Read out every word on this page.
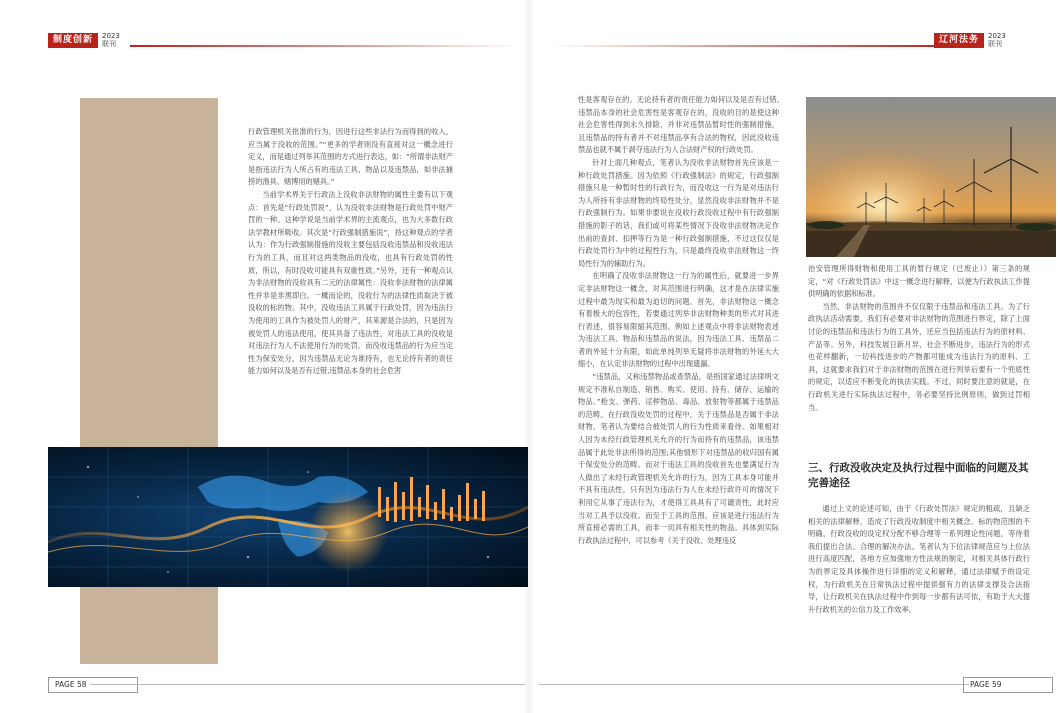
制度创新	2023
联刊

行政管理机关批准的行为，因进行这些非法行为而得到的收入，应当属于没收的范围。”“更多的学者则没有直接对这一概念进行定义，而是通过列举其范围的方式进行表达，如：“所谓非法财产是指违法行为人所占有的违法工具、物品以及违禁品，如非法捕捞的渔具、赌博用的赌具。”

当前学术界关于行政法上没收非法财物的属性主要有以下观点：首先是“行政处罚说”，认为没收非法财物是行政处罚中财产罚的一种。这种学说是当前学术界的主流观点，也为大多数行政法学教材所吸收。其次是“行政强制措施说”，持这种观点的学者认为：作为行政强制措施的没收主要包括没收违禁品和没收违法行为的工具，而且对这两类物品的没收，也具有行政处罚的性质，所以，有时没收可能具有双重性质。”另外，还有一种观点认为非法财物的没收具有二元的法律属性：没收非法财物的法律属性并非是非黑即白。一概而论的，没收行为的法律性质取决于被没收的标的物。其中，没收违法工具属于行政处罚，因为违法行为使用的工具作为被处罚人的财产，其来源是合法的，只是因为被处罚人的违法使用，使其具备了违法性，对违法工具的没收是对违法行为人不法使用行为的处罚。而没收违禁品的行为应当定性为保安处分，因为违禁品无论为谁持有，也无论持有者的责任能力如何以及是否有过错,违禁品本身的社会危害

PAGE 58

性是客观存在的。无论持有者的责任能力如何以及是否有过错,违禁品本身的社会危害性是客观存在的，没收的目的是使这种社会危害性得到永久排除，并非对违禁品暂时性的强制措施，且违禁品的持有者并不对违禁品享有合法的物权，因此没收违禁品也就不属于剥夺违法行为人合法财产权的行政处罚。

针对上面几种观点，笔者认为没收非法财物首先应该是一种行政处罚措施。因为依照《行政强制法》的规定，行政强制措施只是一种暂时性的行政行为，而没收这一行为是对违法行为人所持有非法财物的终局性处分，显然没收非法财物并不是行政强制行为。如果非要说在没收行政没收过程中有行政强制措施的影子的话，我们或可将某些情况下没收非法财物决定作出前的查封、扣押等行为是一种行政强制措施，不过这仅仅是行政处罚行为中的过程性行为，只是最终没收非法财物这一终局性行为的辅助行为。

在明确了没收非法财物这一行为的属性后，就要进一步界定非法财物这一概念，对其范围进行明确，这才是在法律实施过程中最为现实和最为迫切的问题。首先，非法财物这一概念有着极大的包容性，若要通过列举非法财物种类的形式对其进行表述，很容易限缩其范围。例如上述观点中将非法财物表述为违法工具、物品和违禁品的说法，因为违法工具、违禁品二者的外延十分有限，如此单纯列举无疑将非法财物的外延大大缩小，在认定非法财物的过程中出现遗漏。

“违禁品，又称违禁物品或查禁品，是指国家通过法律明文规定不准私自制造、销售、购买、使用、持有、储存、运输的物品。”枪支、弹药、淫秽物品、毒品、放射物等都属于违禁品的范畴。在行政没收处罚的过程中，关于违禁品是否属于非法财物，笔者认为要结合被处罚人的行为性质来看待。如果相对人因为未经行政管理机关允许的行为而持有的违禁品，该违禁品属于此处非法所得的范围;其他情形下对违禁品的收归国有属于保安处分的范畴。而对于违法工具的没收首先也要满足行为人做出了未经行政管理机关允许的行为，因为工具本身可能并不具有违法性，只有因为违法行为人在未经行政许可的情况下利用它从事了违法行为，才使得工具具有了可谴责性，此时应当对工具予以没收。而至于工具的范围，应该是进行违法行为所直接必需的工具，而非一切具有相关性的物品。具体到实际行政执法过程中，可以参考《关于没收、处理违反

辽河法务	2023
联刊
PAGE 59

治安管理所得财物和使用工具的暂行规定（已废止）》第三条的规定，“对《行政处罚法》中这一概念进行解释，以便为行政执法工作提供明确的依据和标准。

当然，非法财物的范围并不仅仅限于违禁品和违法工具。为了行政执法活动需要，我们有必要对非法财物的范围进行界定，除了上面讨论的违禁品和违法行为的工具外，还应当包括违法行为的原材料、产品等。另外，科技发展日新月异，社会不断进步，违法行为的形式也花样翻新，一切科技进步的产物都可能成为违法行为的原料、工具，这就要求我们对于非法财物的范围在进行列举后要有一个兜底性的规定，以适应不断变化的执法实践。不过，同时要注意的就是，在行政机关进行实际执法过程中，务必要坚持比例原则，做到过罚相当。

三、行政没收决定及执行过程中面临的问题及其完善途径

通过上文的论述可知，由于《行政处罚法》规定的粗疏，且缺乏相关的法律解释，造成了行政没收制度中相关概念、标的物范围的不明确，行政没收的设定权分配不够合理等一系列理论性问题，等待着我们提出合法、合理的解决办法。笔者认为下位法律规范应与上位法进行高度匹配，各地方应加强地方性法规的制定，对相关具体行政行为的界定及具体操作进行详细的定义和解释，通过法律赋予的设定权，为行政机关在日常执法过程中提供强有力的法律支撑及合法指导，让行政机关在执法过程中作到每一步都有法可依，有助于大大提升行政机关的公信力及工作效率。
